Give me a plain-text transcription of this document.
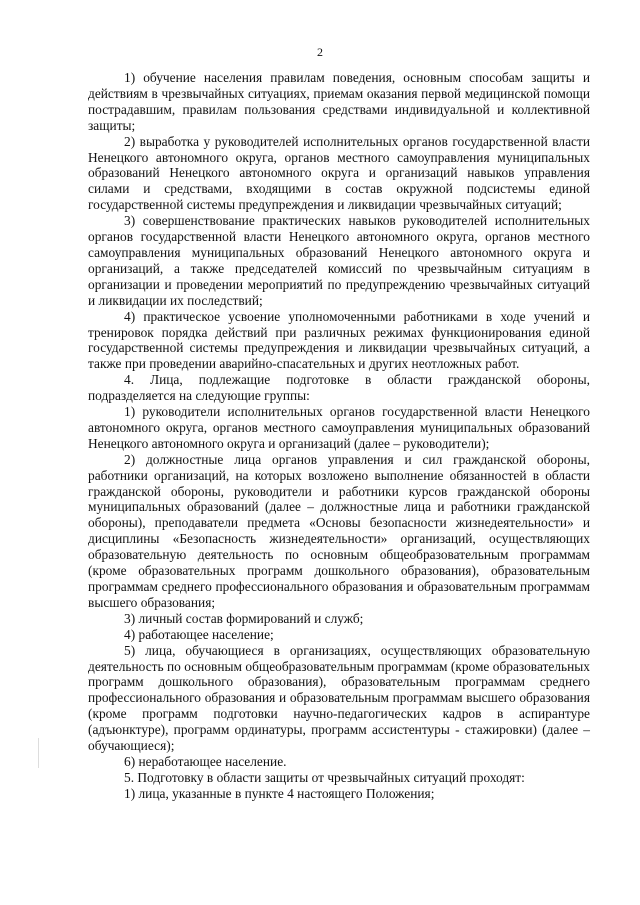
2

1) обучение населения правилам поведения, основным способам защиты и действиям в чрезвычайных ситуациях, приемам оказания первой медицинской помощи пострадавшим, правилам пользования средствами индивидуальной и коллективной защиты;

2) выработка у руководителей исполнительных органов государственной власти Ненецкого автономного округа, органов местного самоуправления муниципальных образований Ненецкого автономного округа и организаций навыков управления силами и средствами, входящими в состав окружной подсистемы единой государственной системы предупреждения и ликвидации чрезвычайных ситуаций;

3) совершенствование практических навыков руководителей исполнительных органов государственной власти Ненецкого автономного округа, органов местного самоуправления муниципальных образований Ненецкого автономного округа и организаций, а также председателей комиссий по чрезвычайным ситуациям в организации и проведении мероприятий по предупреждению чрезвычайных ситуаций и ликвидации их последствий;

4) практическое усвоение уполномоченными работниками в ходе учений и тренировок порядка действий при различных режимах функционирования единой государственной системы предупреждения и ликвидации чрезвычайных ситуаций, а также при проведении аварийно-спасательных и других неотложных работ.

4. Лица, подлежащие подготовке в области гражданской обороны, подразделяется на следующие группы:

1) руководители исполнительных органов государственной власти Ненецкого автономного округа, органов местного самоуправления муниципальных образований Ненецкого автономного округа и организаций (далее – руководители);

2) должностные лица органов управления и сил гражданской обороны, работники организаций, на которых возложено выполнение обязанностей в области гражданской обороны, руководители и работники курсов гражданской обороны муниципальных образований (далее – должностные лица и работники гражданской обороны), преподаватели предмета «Основы безопасности жизнедеятельности» и дисциплины «Безопасность жизнедеятельности» организаций, осуществляющих образовательную деятельность по основным общеобразовательным программам (кроме образовательных программ дошкольного образования), образовательным программам среднего профессионального образования и образовательным программам высшего образования;

3) личный состав формирований и служб;

4) работающее население;

5) лица, обучающиеся в организациях, осуществляющих образовательную деятельность по основным общеобразовательным программам (кроме образовательных программ дошкольного образования), образовательным программам среднего профессионального образования и образовательным программам высшего образования (кроме программ подготовки научно-педагогических кадров в аспирантуре (адъюнктуре), программ ординатуры, программ ассистентуры - стажировки) (далее – обучающиеся);

6) неработающее население.

5. Подготовку в области защиты от чрезвычайных ситуаций проходят:

1) лица, указанные в пункте 4 настоящего Положения;
